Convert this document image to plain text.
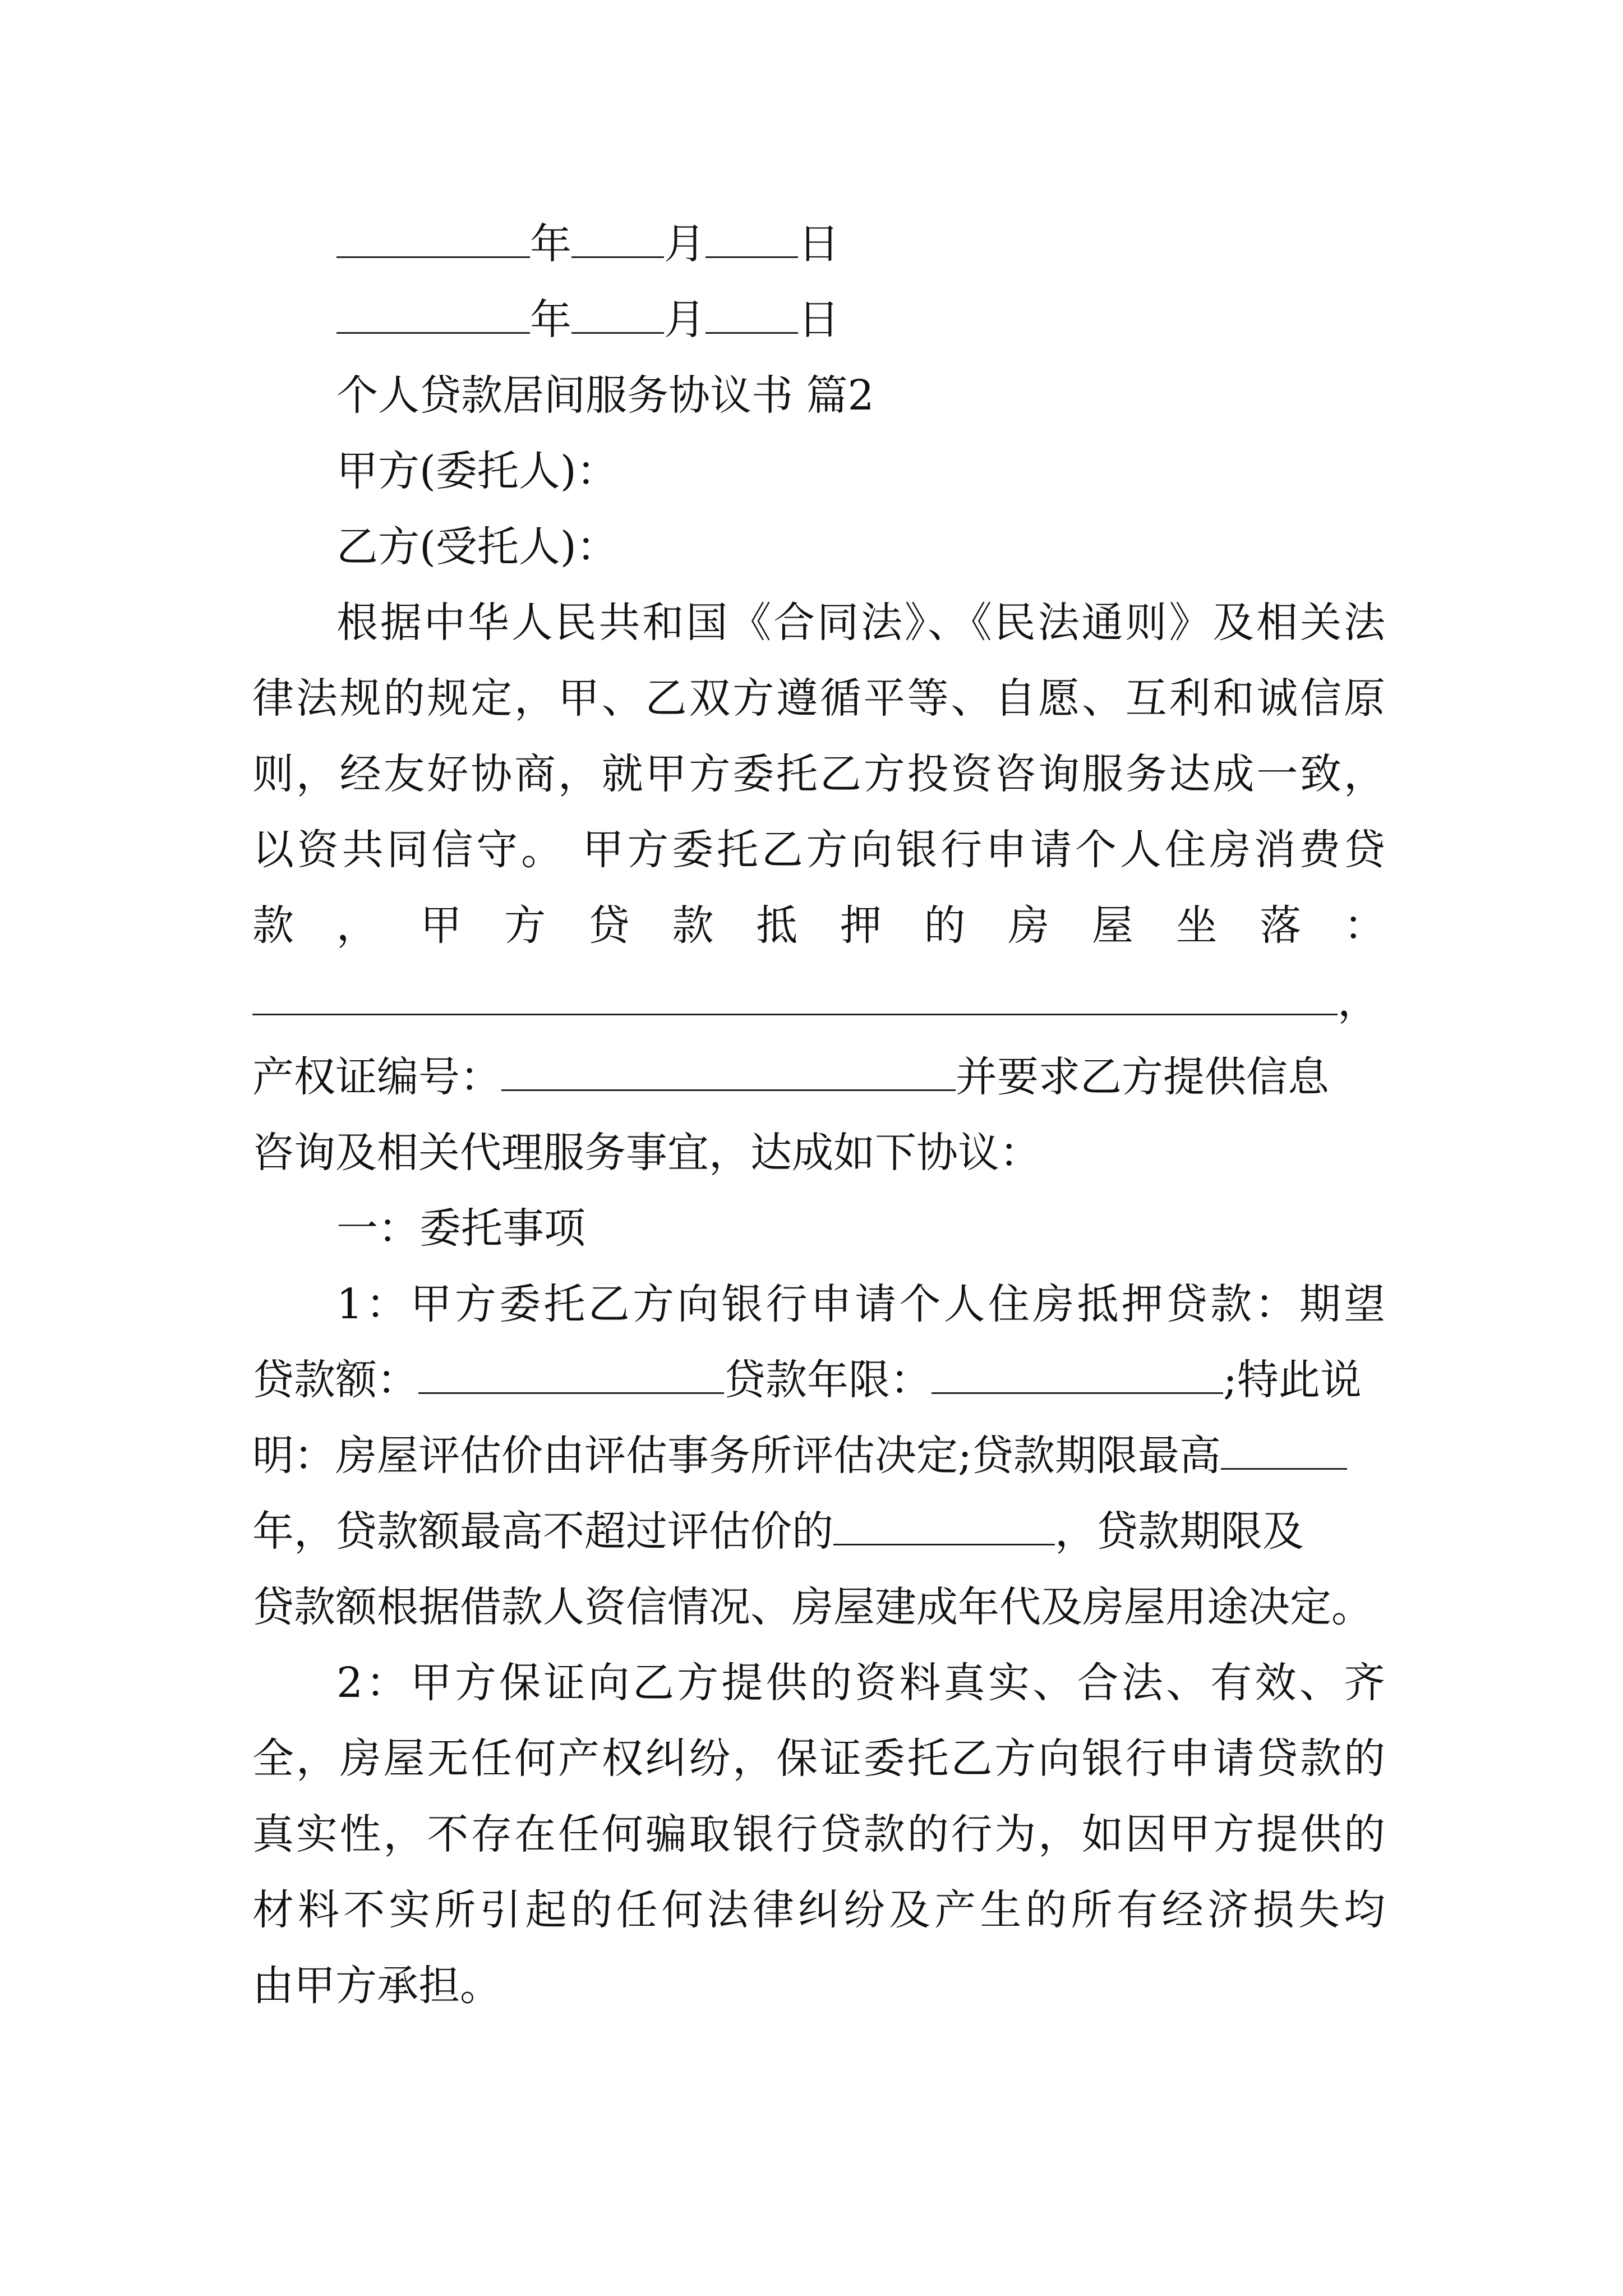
年 月 日
年 月 日
个人贷款居间服务协议书 篇2
甲方(委托人)：
乙方(受托人)：
根据中华人民共和国《合同法》、《民法通则》及相关法
律法规的规定，甲、乙双方遵循平等、自愿、互利和诚信原
则，经友好协商，就甲方委托乙方投资咨询服务达成一致，
以资共同信守。 甲方委托乙方向银行申请个人住房消费贷
款 ， 甲 方 贷 款 抵 押 的 房 屋 坐 落 ：
，
产权证编号：	并要求乙方提供信息
咨询及相关代理服务事宜，达成如下协议：
一：委托事项
1：甲方委托乙方向银行申请个人住房抵押贷款：期望
贷款额：	贷款年限：	;特此说
明：房屋评估价由评估事务所评估决定;贷款期限最高
年，贷款额最高不超过评估价的	，贷款期限及
贷款额根据借款人资信情况、房屋建成年代及房屋用途决定。
2：甲方保证向乙方提供的资料真实、合法、有效、齐
全，房屋无任何产权纠纷，保证委托乙方向银行申请贷款的
真实性，不存在任何骗取银行贷款的行为，如因甲方提供的
材料不实所引起的任何法律纠纷及产生的所有经济损失均
由甲方承担。
